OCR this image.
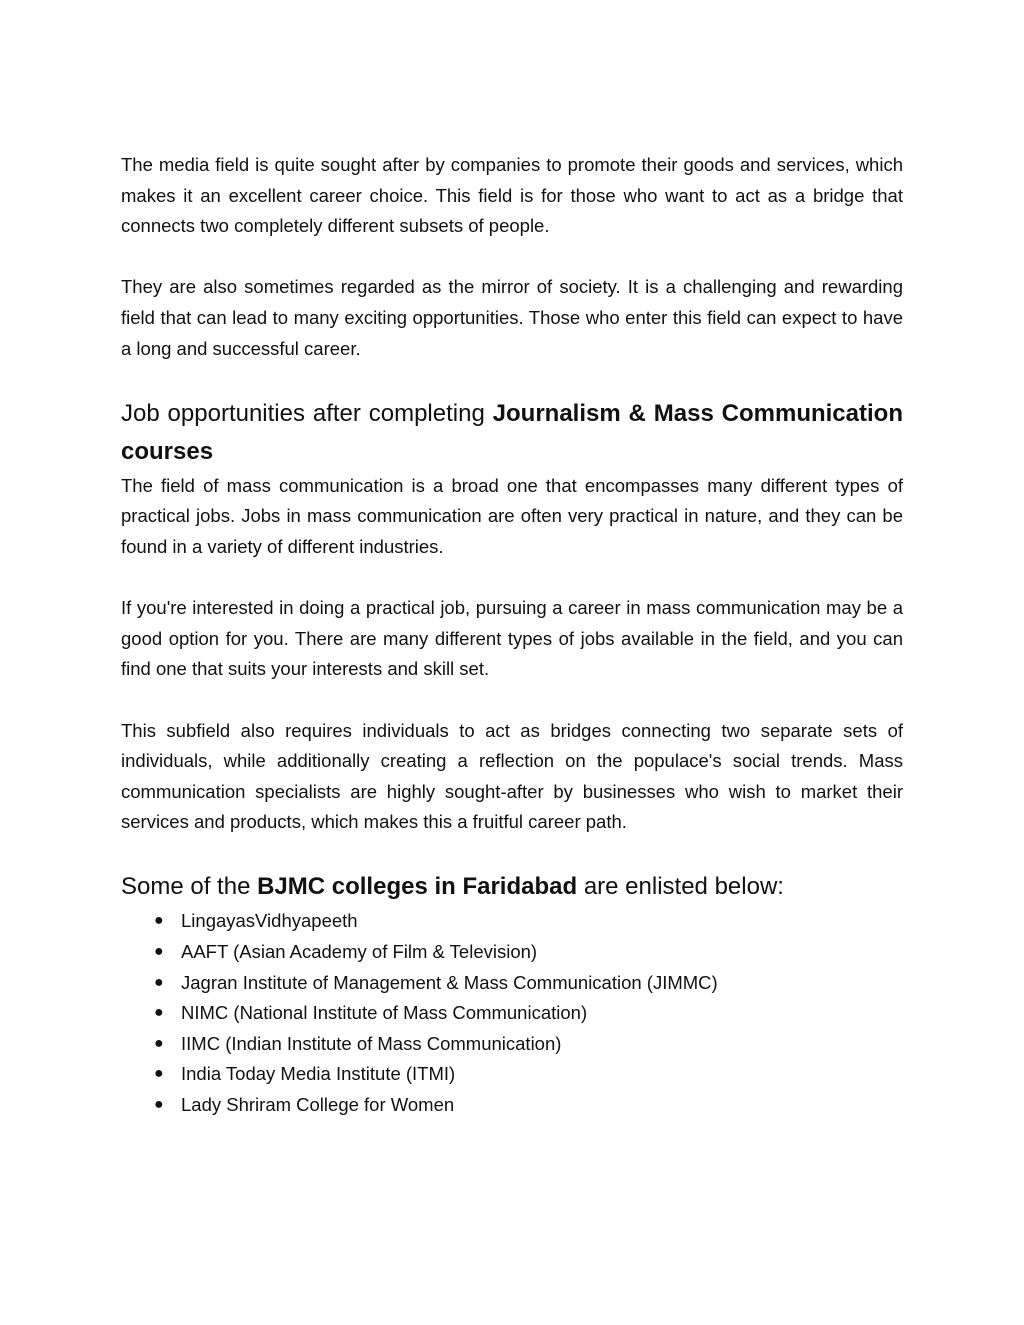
The media field is quite sought after by companies to promote their goods and services, which makes it an excellent career choice. This field is for those who want to act as a bridge that connects two completely different subsets of people.

They are also sometimes regarded as the mirror of society. It is a challenging and rewarding field that can lead to many exciting opportunities. Those who enter this field can expect to have a long and successful career.

Job opportunities after completing Journalism & Mass Communication courses

The field of mass communication is a broad one that encompasses many different types of practical jobs. Jobs in mass communication are often very practical in nature, and they can be found in a variety of different industries.

If you're interested in doing a practical job, pursuing a career in mass communication may be a good option for you. There are many different types of jobs available in the field, and you can find one that suits your interests and skill set.

This subfield also requires individuals to act as bridges connecting two separate sets of individuals, while additionally creating a reflection on the populace's social trends. Mass communication specialists are highly sought-after by businesses who wish to market their services and products, which makes this a fruitful career path.

Some of the BJMC colleges in Faridabad are enlisted below:
● LingayasVidhyapeeth
● AAFT (Asian Academy of Film & Television)
● Jagran Institute of Management & Mass Communication (JIMMC)
● NIMC (National Institute of Mass Communication)
● IIMC (Indian Institute of Mass Communication)
● India Today Media Institute (ITMI)
● Lady Shriram College for Women
